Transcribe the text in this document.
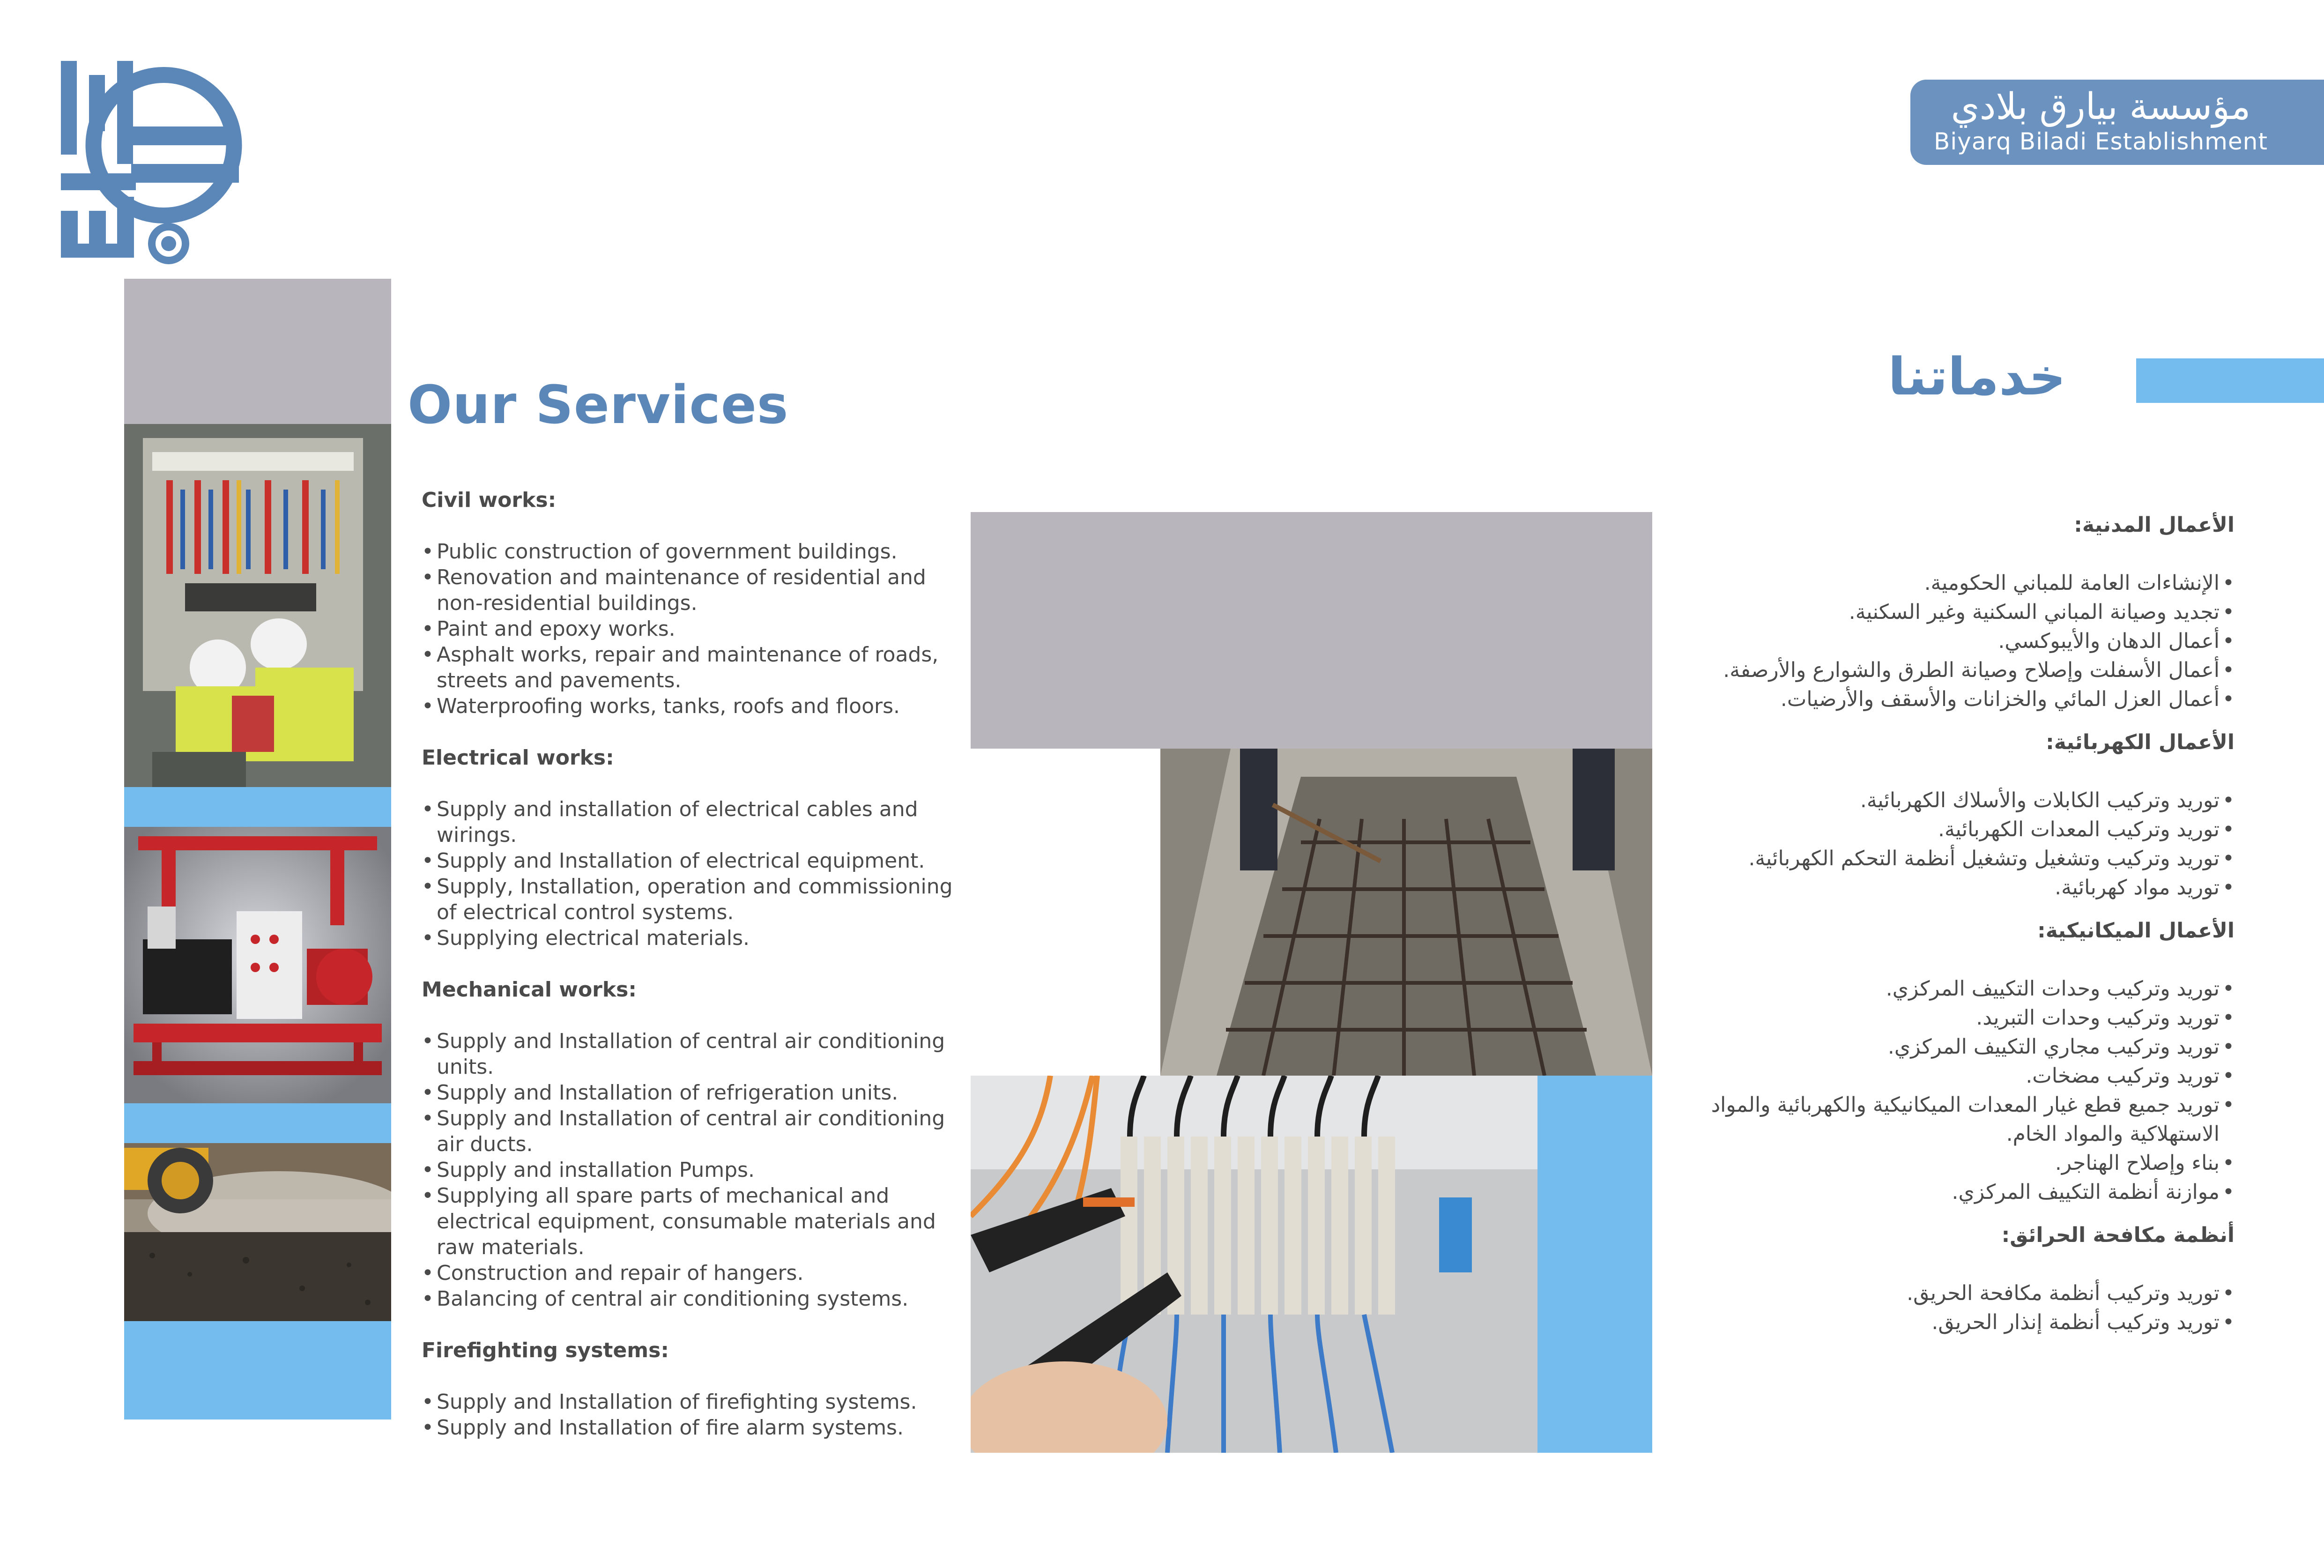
مؤسسة بيارق بلادي
Biyarq Biladi Establishment
Our Services

Civil works:

• Public construction of government buildings.
• Renovation and maintenance of residential and non-residential buildings.
• Paint and epoxy works.
• Asphalt works, repair and maintenance of roads, streets and pavements.
• Waterproofing works, tanks, roofs and floors.

Electrical works:

• Supply and installation of electrical cables and wirings.
• Supply and Installation of electrical equipment.
• Supply, Installation, operation and commissioning of electrical control systems.
• Supplying electrical materials.

Mechanical works:

• Supply and Installation of central air conditioning units.
• Supply and Installation of refrigeration units.
• Supply and Installation of central air conditioning air ducts.
• Supply and installation Pumps.
• Supplying all spare parts of mechanical and electrical equipment, consumable materials and raw materials.
• Construction and repair of hangers.
• Balancing of central air conditioning systems.

Firefighting systems:

• Supply and Installation of firefighting systems.
• Supply and Installation of fire alarm systems.
خدماتنا

الأعمال المدنية:

• الإنشاءات العامة للمباني الحكومية.
• تجديد وصيانة المباني السكنية وغير السكنية.
• أعمال الدهان والأيبوكسي.
• أعمال الأسفلت وإصلاح وصيانة الطرق والشوارع والأرصفة.
• أعمال العزل المائي والخزانات والأسقف والأرضيات.

الأعمال الكهربائية:

• توريد وتركيب الكابلات والأسلاك الكهربائية.
• توريد وتركيب المعدات الكهربائية.
• توريد وتركيب وتشغيل وتشغيل أنظمة التحكم الكهربائية.
• توريد مواد كهربائية.

الأعمال الميكانيكية:

• توريد وتركيب وحدات التكييف المركزي.
• توريد وتركيب وحدات التبريد.
• توريد وتركيب مجاري التكييف المركزي.
• توريد وتركيب مضخات.
• توريد جميع قطع غيار المعدات الميكانيكية والكهربائية والمواد الاستهلاكية والمواد الخام.
• بناء وإصلاح الهناجر.
• موازنة أنظمة التكييف المركزي.

أنظمة مكافحة الحرائق:

• توريد وتركيب أنظمة مكافحة الحريق.
• توريد وتركيب أنظمة إنذار الحريق.
